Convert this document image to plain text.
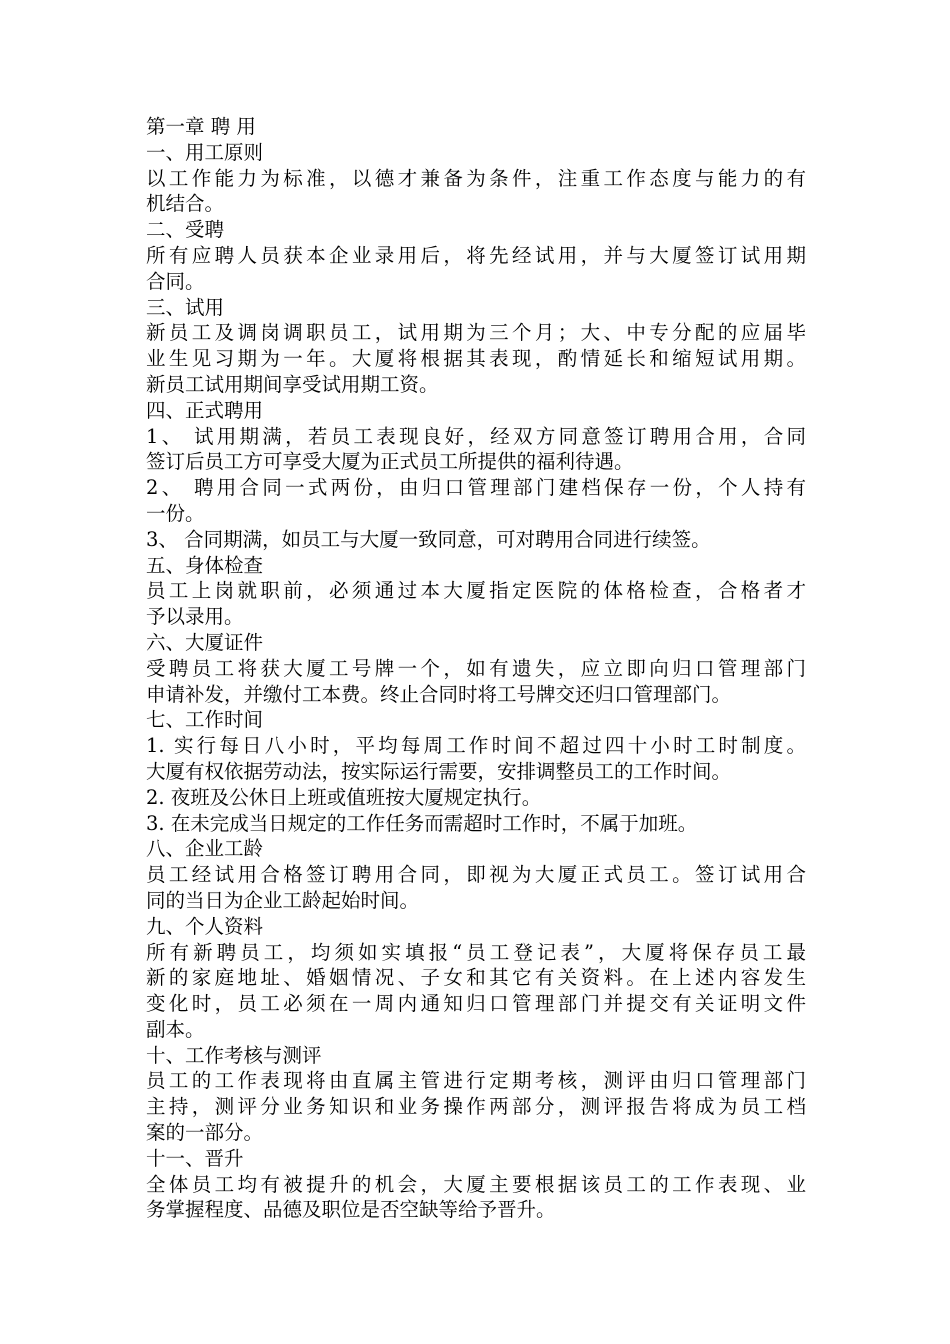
第一章 聘 用
一、用工原则
以工作能力为标准，以德才兼备为条件，注重工作态度与能力的有
机结合。
二、受聘
所有应聘人员获本企业录用后，将先经试用，并与大厦签订试用期
合同。
三、试用
新员工及调岗调职员工，试用期为三个月；大、中专分配的应届毕
业生见习期为一年。大厦将根据其表现，酌情延长和缩短试用期。
新员工试用期间享受试用期工资。
四、正式聘用
1、 试用期满，若员工表现良好，经双方同意签订聘用合用，合同
签订后员工方可享受大厦为正式员工所提供的福利待遇。
2、 聘用合同一式两份，由归口管理部门建档保存一份，个人持有
一份。
3、 合同期满，如员工与大厦一致同意，可对聘用合同进行续签。
五、身体检查
员工上岗就职前，必须通过本大厦指定医院的体格检查，合格者才
予以录用。
六、大厦证件
受聘员工将获大厦工号牌一个，如有遗失，应立即向归口管理部门
申请补发，并缴付工本费。终止合同时将工号牌交还归口管理部门。
七、工作时间
1. 实行每日八小时，平均每周工作时间不超过四十小时工时制度。
大厦有权依据劳动法，按实际运行需要，安排调整员工的工作时间。
2. 夜班及公休日上班或值班按大厦规定执行。
3. 在未完成当日规定的工作任务而需超时工作时，不属于加班。
八、企业工龄
员工经试用合格签订聘用合同，即视为大厦正式员工。签订试用合
同的当日为企业工龄起始时间。
九、个人资料
所有新聘员工，均须如实填报“员工登记表”，大厦将保存员工最
新的家庭地址、婚姻情况、子女和其它有关资料。在上述内容发生
变化时，员工必须在一周内通知归口管理部门并提交有关证明文件
副本。
十、工作考核与测评
员工的工作表现将由直属主管进行定期考核，测评由归口管理部门
主持，测评分业务知识和业务操作两部分，测评报告将成为员工档
案的一部分。
十一、晋升
全体员工均有被提升的机会，大厦主要根据该员工的工作表现、业
务掌握程度、品德及职位是否空缺等给予晋升。
